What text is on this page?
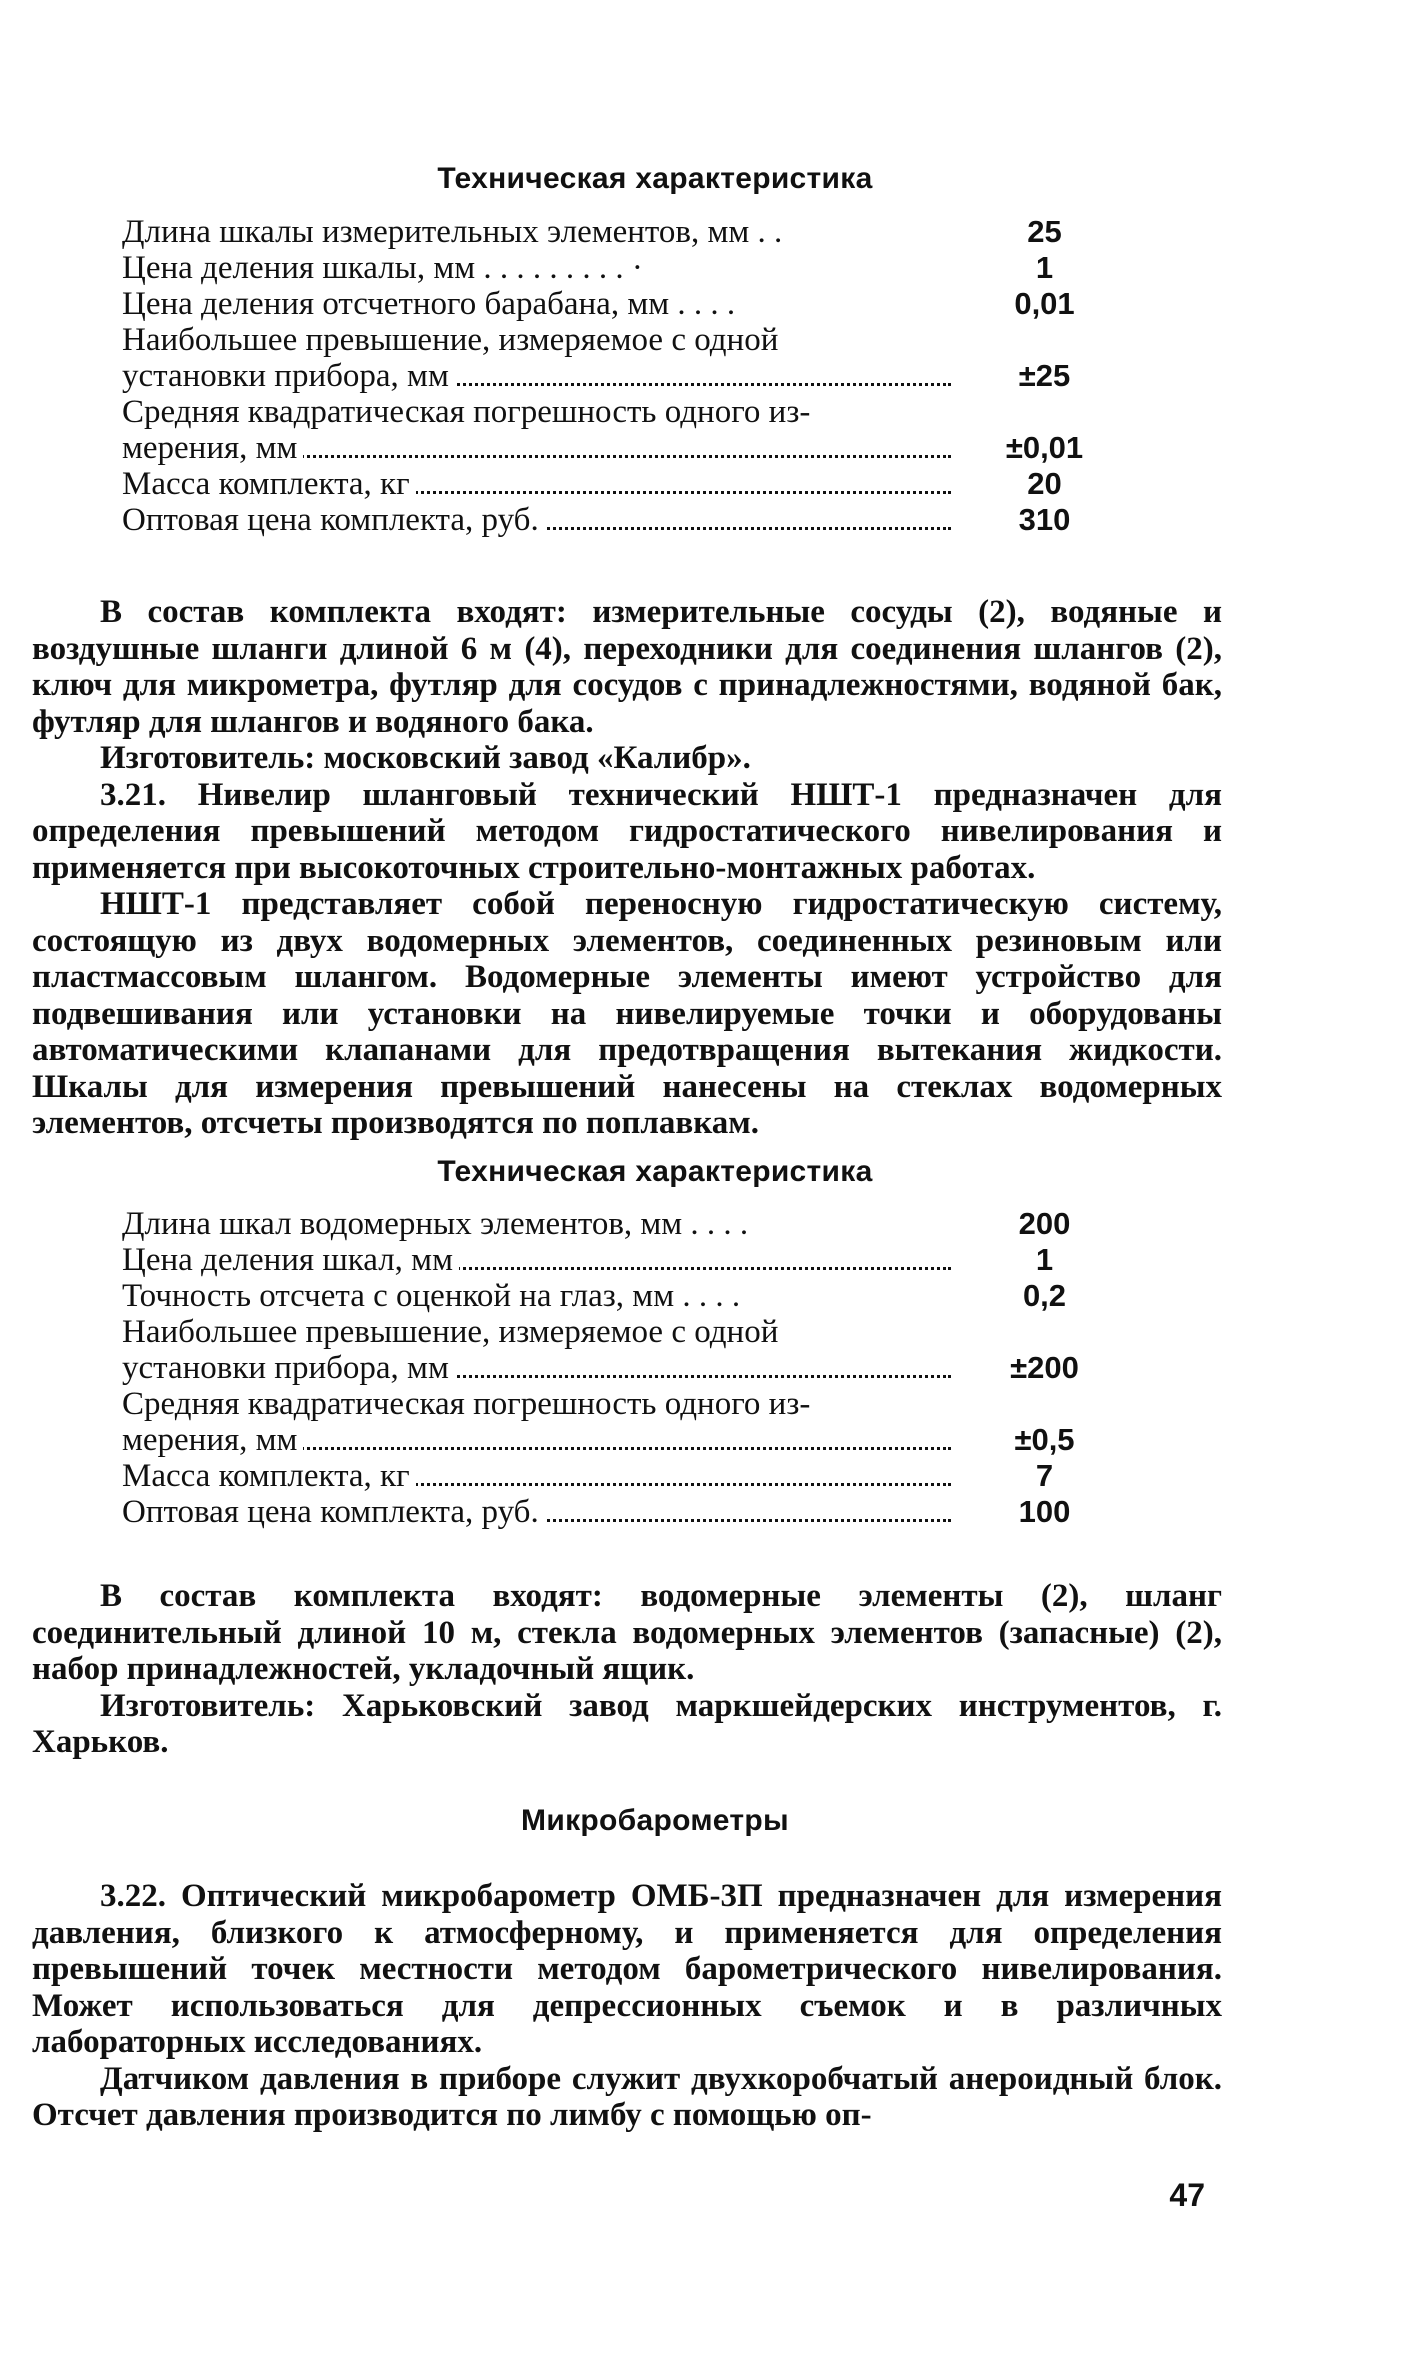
Техническая характеристика
Длина шкалы измерительных элементов, мм . .	25
Цена деления шкалы, мм . . . . . . . . . ·	1
Цена деления отсчетного барабана, мм . . . .	0,01
Наибольшее превышение, измеряемое с одной
установки прибора, мм	±25
Средняя квадратическая погрешность одного из-
мерения, мм	±0,01
Масса комплекта, кг	20
Оптовая цена комплекта, руб.	310

В состав комплекта входят: измерительные сосуды (2), водяные и воздушные шланги длиной 6 м (4), переходники для соединения шлангов (2), ключ для микрометра, футляр для сосудов с принадлежностями, водяной бак, футляр для шлангов и водяного бака.

Изготовитель: московский завод «Калибр».

3.21. Нивелир шланговый технический НШТ-1 предназначен для определения превышений методом гидростатического нивелирования и применяется при высокоточных строительно-монтажных работах.

НШТ-1 представляет собой переносную гидростатическую систему, состоящую из двух водомерных элементов, соединенных резиновым или пластмассовым шлангом. Водомерные элементы имеют устройство для подвешивания или установки на нивелируемые точки и оборудованы автоматическими клапанами для предотвращения вытекания жидкости. Шкалы для измерения превышений нанесены на стеклах водомерных элементов, отсчеты производятся по поплавкам.

Техническая характеристика
Длина шкал водомерных элементов, мм . . . .	200
Цена деления шкал, мм	1
Точность отсчета с оценкой на глаз, мм . . . .	0,2
Наибольшее превышение, измеряемое с одной
установки прибора, мм	±200
Средняя квадратическая погрешность одного из-
мерения, мм	±0,5
Масса комплекта, кг	7
Оптовая цена комплекта, руб.	100

В состав комплекта входят: водомерные элементы (2), шланг соединительный длиной 10 м, стекла водомерных элементов (запасные) (2), набор принадлежностей, укладочный ящик.

Изготовитель: Харьковский завод маркшейдерских инструментов, г. Харьков.

Микробарометры

3.22. Оптический микробарометр ОМБ-3П предназначен для измерения давления, близкого к атмосферному, и применяется для определения превышений точек местности методом барометрического нивелирования. Может использоваться для депрессионных съемок и в различных лабораторных исследованиях.

Датчиком давления в приборе служит двухкоробчатый анероидный блок. Отсчет давления производится по лимбу с помощью оп-

47
